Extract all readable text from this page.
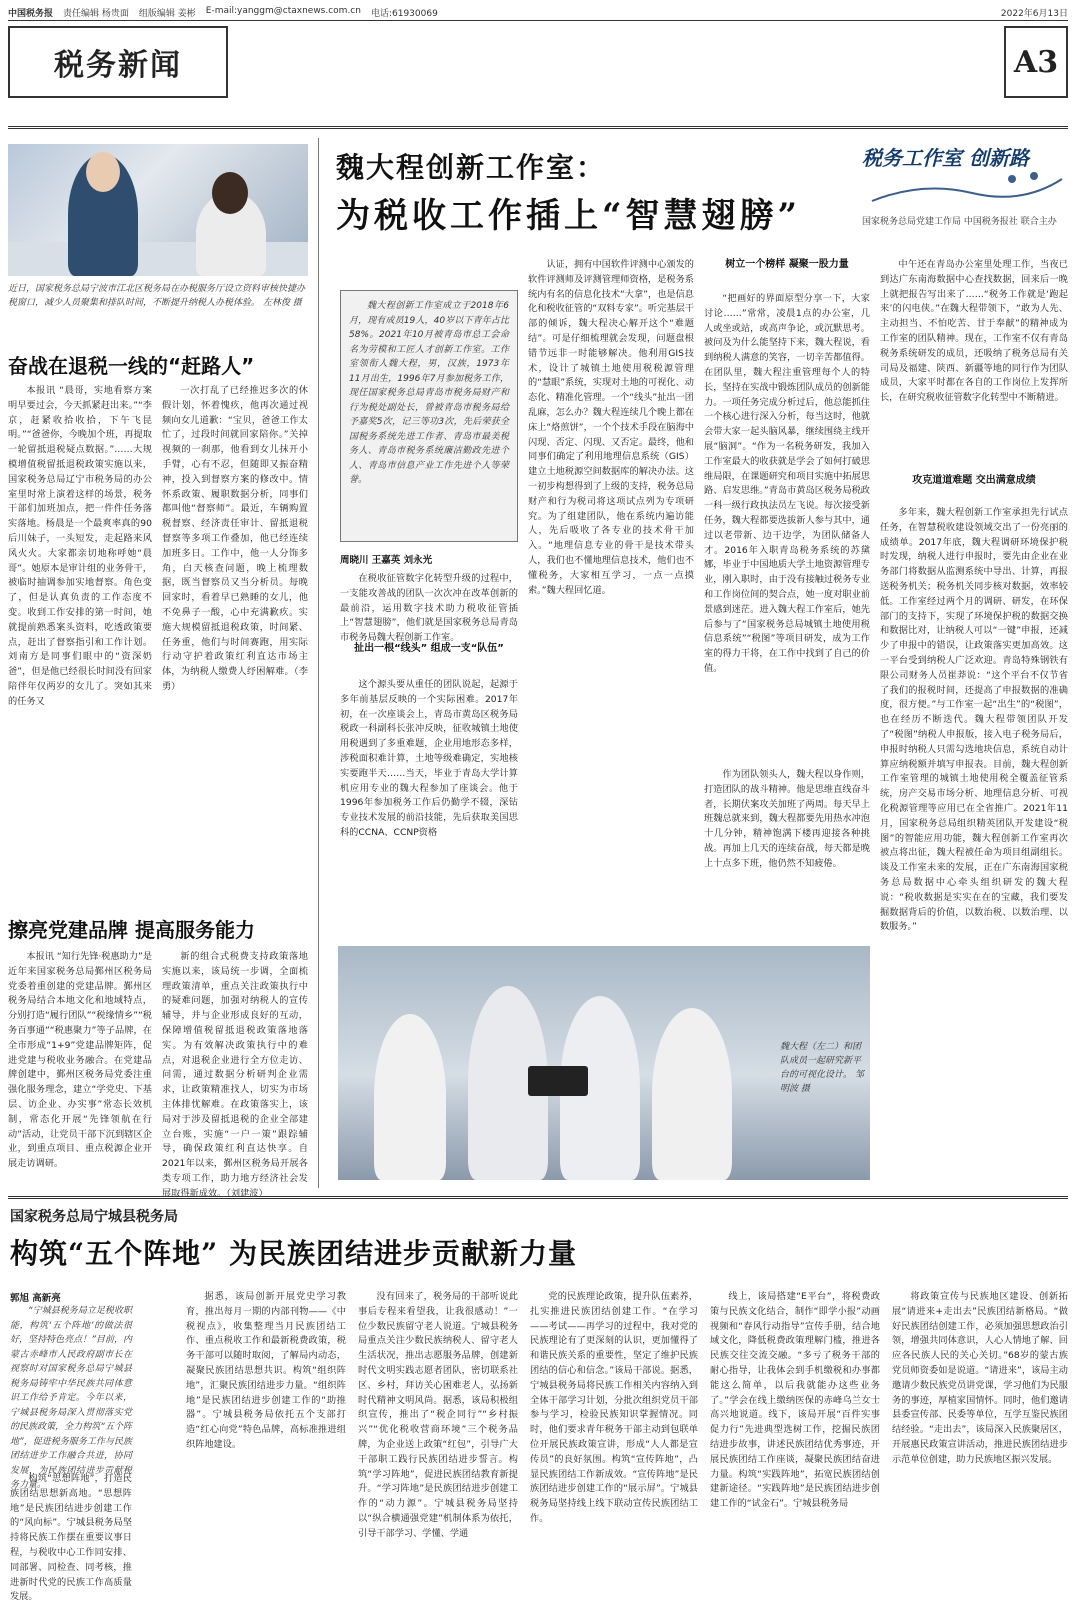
中国税务报 责任编辑 杨贵面 组版编辑 姜彬 E-mail:yanggm@ctaxnews.com.cn 电话:61930069	2022年6月13日
税务新闻	A3
近日，国家税务总局宁波市江北区税务局在办税服务厅设立资料审核快捷办税窗口，减少人员聚集和排队时间，不断提升纳税人办税体验。 左林俊 摄
奋战在退税一线的“赶路人”
本报讯 “晨哥，实地看察方案明早要过会，今天抓紧赶出来。”“李京，赶紧收拾收拾，下午飞昆明。”“爸爸你，今晚加个班，再提取一轮留抵退税疑点数据。”……大规模增值税留抵退税政策实施以来，国家税务总局辽宁市税务局的办公室里时常上演着这样的场景，税务干部们加班加点，把一件件任务落实落地。杨晨是一个最爽率真的90后川妹子，一头短发，走起路来风风火火。大家都亲切地称呼她“晨哥”。她原本是审计组的业务骨干，被临时抽调参加实地督察。角色变了，但是认真负责的工作态度不变。收到工作安排的第一时间，她就提前熟悉案头资料，吃透政策要点，赶出了督察指引和工作计划。刘南方是同事们眼中的“资深奶爸”，但是他已经很长时间没有回家陪伴年仅两岁的女儿了。突如其来的任务又
一次打乱了已经推迟多次的休假计划，怀着愧疚，他再次通过视频向女儿道歉：“宝贝，爸爸工作太忙了，过段时间就回家陪你。”关掉视频的一刹那，他看到女儿抹开小手臂，心有不忍，但随即又振奋精神，投入到督察方案的修改中。情怀系政策、履职数据分析，同事们都叫他“督察师”。最近，车辆购置税督察、经济责任审计、留抵退税督察等多项工作叠加，他已经连续加班多日。工作中，他一人分饰多角，白天核查问题，晚上梳理数据，既当督察员又当分析员。每晚回家时，看着早已熟睡的女儿，他不免鼻子一酸，心中充满歉疚。实施大规模留抵退税政策，时间紧、任务重，他们与时间赛跑，用实际行动守护着政策红利直达市场主体，为纳税人缴费人纾困解难。（李勇）
擦亮党建品牌 提高服务能力
本报讯 “知行先锋·税惠助力”是近年来国家税务总局鄞州区税务局党委着重创建的党建品牌。鄞州区税务局结合本地文化和地域特点，分别打造“履行团队”“税缘情乡”“税务百事通”“税惠聚力”等子品牌，在全市形成“1+9”党建品牌矩阵，促进党建与税收业务融合。在党建品牌创建中，鄞州区税务局党委注重强化服务理念，建立“学党史、下基层、访企业、办实事”常态长效机制，常态化开展“先锋领航在行动”活动，让党员干部下沉到辖区企业，到重点项目、重点税源企业开展走访调研。
新的组合式税费支持政策落地实施以来，该局统一步调，全面梳理政策清单，重点关注政策执行中的疑难问题，加强对纳税人的宣传辅导，并与企业形成良好的互动，保障增值税留抵退税政策落地落实。为有效解决政策执行中的难点，对退税企业进行全方位走访、问需，通过数据分析研判企业需求，让政策精准找人，切实为市场主体排忧解难。在政策落实上，该局对于涉及留抵退税的企业全部建立台账，实施“一户一策”跟踪辅导，确保政策红利直达快享。自2021年以来，鄞州区税务局开展各类专项工作，助力地方经济社会发展取得新成效。（刘建波）
魏大程创新工作室：
为税收工作插上“智慧翅膀”
税务工作室 创新路
国家税务总局党建工作局 中国税务报社 联合主办
魏大程创新工作室成立于2018年6月，现有成员19人，40岁以下青年占比58%。2021年10月被青岛市总工会命名为劳模和工匠人才创新工作室。工作室领衔人魏大程，男，汉族，1973年11月出生，1996年7月参加税务工作，现任国家税务总局青岛市税务局财产和行为税处副处长，曾被青岛市税务局给予嘉奖5次，记三等功3次，先后荣获全国税务系统先进工作者、青岛市最美税务人、青岛市税务系统廉洁勤政先进个人、青岛市信息产业工作先进个人等荣誉。
周晓川 王嘉英 刘永光
在税收征管数字化转型升级的过程中，一支能攻善战的团队一次次冲在改革创新的最前沿，运用数字技术助力税收征管插上“智慧翅膀”，他们就是国家税务总局青岛市税务局魏大程创新工作室。
扯出一根“线头” 组成一支“队伍”
这个源头要从重任的团队说起，起源于多年前基层反映的一个实际困难。2017年初，在一次座谈会上，青岛市黄岛区税务局税政一科副科长张冲反映，征收城镇土地使用税遇到了多重难题，企业用地形态多样，涉税面积难计算，土地等级难确定，实地核实要跑半天……当天，毕业于青岛大学计算机应用专业的魏大程参加了座谈会。他于1996年参加税务工作后仍勤学不辍，深钻专业技术发展的前沿技能，先后获取美国思科的CCNA、CCNP资格
认证，拥有中国软件评测中心颁发的软件评测师及评测管理师资格，是税务系统内有名的信息化技术“大拿”，也是信息化和税收征管的“双料专家”。听完基层干部的倾诉，魏大程决心解开这个“难题结”。可是仔细梳理就会发现，问题盘根错节远非一时能够解决。他利用GIS技术，设计了城镇土地使用税税源管理的“慧眼”系统，实现对土地的可视化、动态化、精准化管理。一个“线头”扯出一团乱麻，怎么办？魏大程连续几个晚上都在床上“烙煎饼”，一个个技术手段在脑海中闪现、否定、闪现、又否定。最终，他和同事们确定了利用地理信息系统（GIS）建立土地税源空间数据库的解决办法。这一初步构想得到了上级的支持，税务总局财产和行为税司将这项试点列为专项研究。为了组建团队，他在系统内遍访能人，先后吸收了各专业的技术骨干加入。“地理信息专业的骨干是技术带头人，我们也不懂地理信息技术，他们也不懂税务，大家相互学习，一点一点摸索。”魏大程回忆道。
树立一个榜样 凝聚一股力量
“把画好的界面原型分享一下，大家讨论……”常常，凌晨1点的办公室，几人或坐或站，或高声争论，或沉默思考。被问及为什么能坚持下来，魏大程说，看到纳税人满意的笑容，一切辛苦都值得。在团队里，魏大程注重管理每个人的特长，坚持在实战中锻炼团队成员的创新能力。一项任务完成分析过后，他总能抓住一个核心进行深入分析，每当这时，他就会带大家一起头脑风暴，继续围绕主线开展“脑洞”。“作为一名税务研发，我加入工作室最大的收获就是学会了如何打破思维局限，在课题研究和项目实施中拓展思路、启发思维。”青岛市黄岛区税务局税政一科一级行政执法员左飞说。每次接受新任务，魏大程都要选拔新人参与其中，通过以老带新、边干边学，为团队储备人才。2016年入职青岛税务系统的苏黛娜，毕业于中国地质大学土地资源管理专业，刚入职时，由于没有接触过税务专业和工作岗位间的契合点，她一度对职业前景感到迷茫。进入魏大程工作室后，她先后参与了“国家税务总局城镇土地使用税信息系统”“税图”等项目研发，成为工作室的得力干将，在工作中找到了自己的价值。
作为团队领头人，魏大程以身作则，打造团队的战斗精神。他是思维直线奋斗者，长期伏案攻关加班了两周。每天早上班魏总就来到，魏大程都要先用热水冲泡十几分钟，精神饱满下楼再迎接各种挑战。再加上几天的连续奋战，每天都是晚上十点多下班，他仍然不知疲倦。
中午还在青岛办公室里处理工作，当夜已到达广东南海数据中心查找数据，回来后一晚上就把报告写出来了……“税务工作就是‘跑起来’的闪电侠。”在魏大程带领下，“敢为人先、主动担当、不怕吃苦、甘于奉献”的精神成为工作室的团队精神。现在，工作室不仅有青岛税务系统研发的成员，还吸纳了税务总局有关司局及福建、陕西、新疆等地的同行作为团队成员，大家平时都在各自的工作岗位上发挥所长，在研究税收征管数字化转型中不断精进。
攻克道道难题 交出满意成绩
多年来，魏大程创新工作室承担先行试点任务，在智慧税收建设领域交出了一份亮丽的成绩单。2017年底，魏大程调研环境保护税时发现，纳税人进行申报时，要先由企业在业务部门将数据从监测系统中导出、计算，再报送税务机关；税务机关同步核对数据，效率较低。工作室经过两个月的调研、研发，在环保部门的支持下，实现了环境保护税的数据交换和数据比对，让纳税人可以“一键”申报，还减少了申报中的错误，让政策落实更加高效。这一平台受到纳税人广泛欢迎。青岛特殊钢铁有限公司财务人员崔莽说：“这个平台不仅节省了我们的报税时间，还提高了申报数据的准确度，很方便。”与工作室一起“出生”的“税图”，也在经历不断迭代。魏大程带领团队开发了“税图”纳税人申报版，接入电子税务局后，申报时纳税人只需勾选地块信息，系统自动计算应纳税额并填写申报表。目前，魏大程创新工作室管理的城镇土地使用税全覆盖征管系统，房产交易市场分析、地理信息分析、可视化税源管理等应用已在全省推广。2021年11月，国家税务总局组织精英团队开发建设“税图”的智能应用功能，魏大程创新工作室再次被点将出征，魏大程被任命为项目组副组长。谈及工作室未来的发展，正在广东南海国家税务总局数据中心牵头组织研发的魏大程说：“税收数据是实实在在的宝藏，我们要发掘数据背后的价值，以数治税、以数治理、以数服务。”
魏大程（左二）和团队成员一起研究新平台的可视化设计。 邹明波 摄
国家税务总局宁城县税务局
构筑“五个阵地” 为民族团结进步贡献新力量
郭旭 高新亮
“宁城县税务局立足税收职能，构筑‘五个阵地’的做法很好，坚持特色亮点！”目前，内蒙古赤峰市人民政府副市长在视察时对国家税务总局宁城县税务局铸牢中华民族共同体意识工作给予肯定。今年以来，宁城县税务局深入贯彻落实党的民族政策，全力构筑“五个阵地”，促进税务服务工作与民族团结进步工作融合共进，协同发展，为民族团结进步贡献税务力量。
构筑“思想阵地”，打造民族团结思想新高地。“思想阵地”是民族团结进步创建工作的“风向标”。宁城县税务局坚持将民族工作摆在重要议事日程，与税收中心工作同安排、同部署、同检查、同考核，推进新时代党的民族工作高质量发展。
据悉，该局创新开展党史学习教育，推出每月一期的内部刊物——《中税视点》，收集整理当月民族团结工作、重点税收工作和最新税费政策，税务干部可以随时取阅，了解局内动态，凝聚民族团结思想共识。构筑“组织阵地”，汇聚民族团结进步力量。“组织阵地”是民族团结进步创建工作的“助推器”。宁城县税务局依托五个支部打造“红心向党”特色品牌，高标准推进组织阵地建设。
没有回来了，税务局的干部听说此事后专程来看望我，让我很感动！”一位少数民族留守老人说道。宁城县税务局重点关注少数民族纳税人、留守老人生活状况，推出志愿服务品牌，创建新时代文明实践志愿者团队，密切联系社区、乡村，拜访关心困难老人，弘扬新时代精神文明风尚。据悉，该局积极组织宣传，推出了“税企同行”“乡村振兴”“优化税收营商环境”三个税务品牌，为企业送上政策“红包”，引导广大干部职工践行民族团结进步誓言。构筑“学习阵地”，促进民族团结教育新提升。“学习阵地”是民族团结进步创建工作的“动力源”。宁城县税务局坚持以“纵合横通强党建”机制体系为依托，引导干部学习、学懂、学通
党的民族理论政策，提升队伍素养，扎实推进民族团结创建工作。“在学习——考试——再学习的过程中，我对党的民族理论有了更深刻的认识，更加懂得了和谐民族关系的重要性，坚定了维护民族团结的信心和信念。”该局干部说。据悉，宁城县税务局将民族工作相关内容纳入到全体干部学习计划，分批次组织党员干部参与学习，检验民族知识掌握情况。同时，他们要求青年税务干部主动到包联单位开展民族政策宣讲，形成“人人都是宣传员”的良好氛围。构筑“宣传阵地”，凸显民族团结工作新成效。“宣传阵地”是民族团结进步创建工作的“展示屏”。宁城县税务局坚持线上线下联动宣传民族团结工作。
线上，该局搭建“E平台”，将税费政策与民族文化结合，制作“即学小报”动画视频和“春风行动指导”宣传手册，结合地域文化，降低税费政策理解门槛，推进各民族交往交流交融。“多亏了税务干部的耐心指导，让我体会到手机缴税和办事都能这么简单，以后我就能办这些业务了。”学会在线上缴纳医保的赤峰乌兰女士高兴地说道。线下，该局开展“百件实事促力行”先进典型选树工作，挖掘民族团结进步故事，讲述民族团结优秀事迹，开展民族团结工作座谈，凝聚民族团结奋进力量。构筑“实践阵地”，拓宽民族团结创建新途径。“实践阵地”是民族团结进步创建工作的“试金石”。宁城县税务局
将政策宣传与民族地区建设、创新拓展“请进来+走出去”民族团结新格局。“做好民族团结创建工作，必须加强思想政治引领，增强共同体意识，人心人情地了解、回应各民族人民的关心关切。”68岁的蒙古族党员师资委如是说道。“请进来”，该局主动邀请少数民族党员讲党课，学习他们为民服务的事迹，厚植家国情怀。同时，他们邀请县委宣传部、民委等单位，互学互鉴民族团结经验。“走出去”，该局深入民族聚居区，开展惠民政策宣讲活动，推进民族团结进步示范单位创建，助力民族地区振兴发展。
